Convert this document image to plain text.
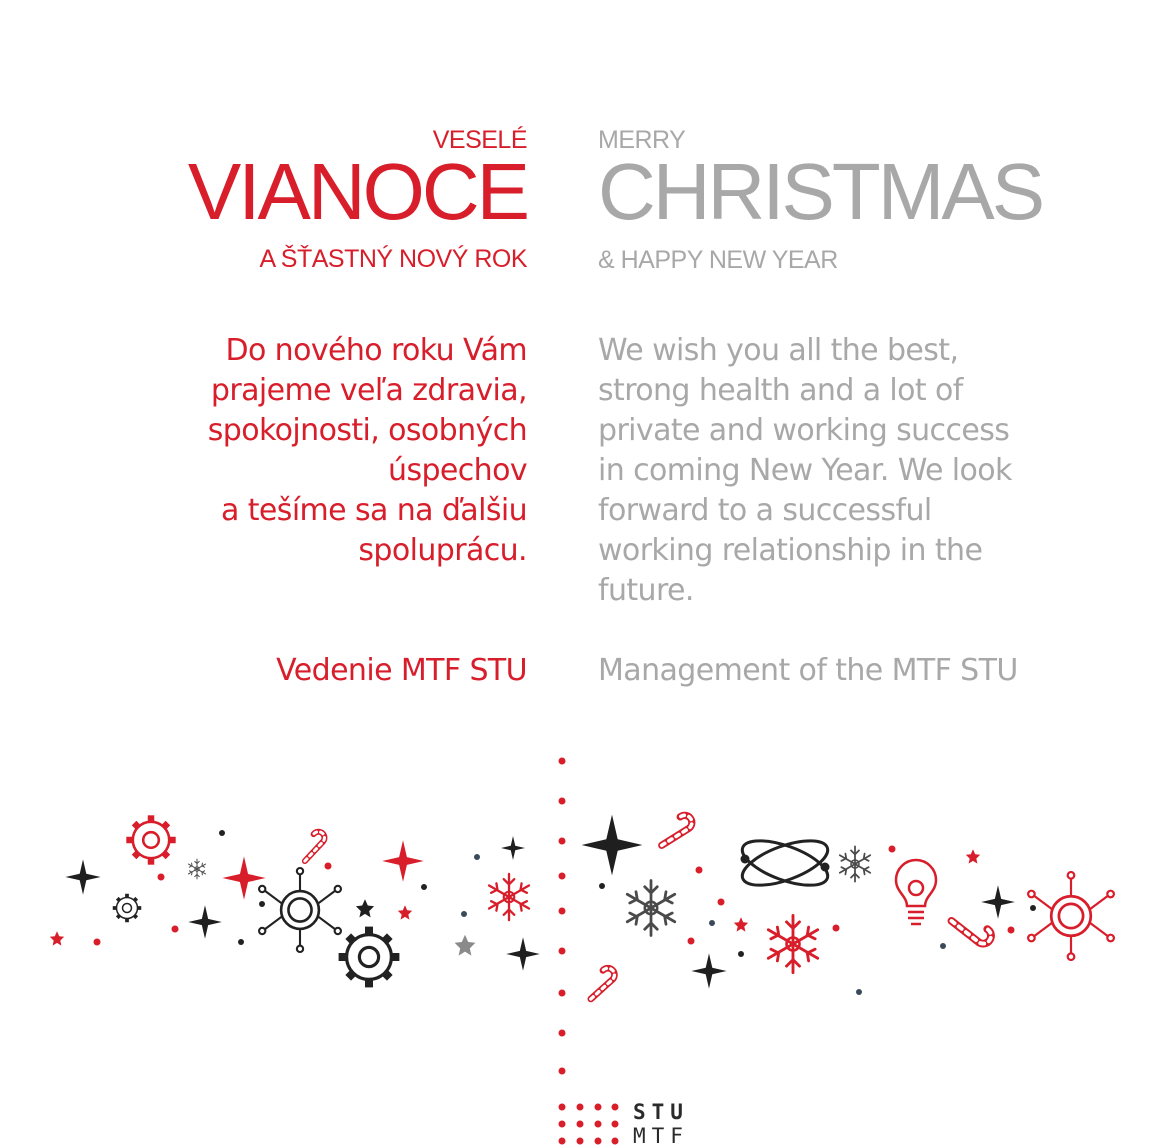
VESELÉ
VIANOCE
A ŠŤASTNÝ NOVÝ ROK
Do nového roku Vám
prajeme veľa zdravia,
spokojnosti, osobných
úspechov
a tešíme sa na ďalšiu
spoluprácu.
Vedenie MTF STU
MERRY
CHRISTMAS
& HAPPY NEW YEAR
We wish you all the best,
strong health and a lot of
private and working success
in coming New Year. We look
forward to a successful
working relationship in the
future.
Management of the MTF STU
STU
MTF
